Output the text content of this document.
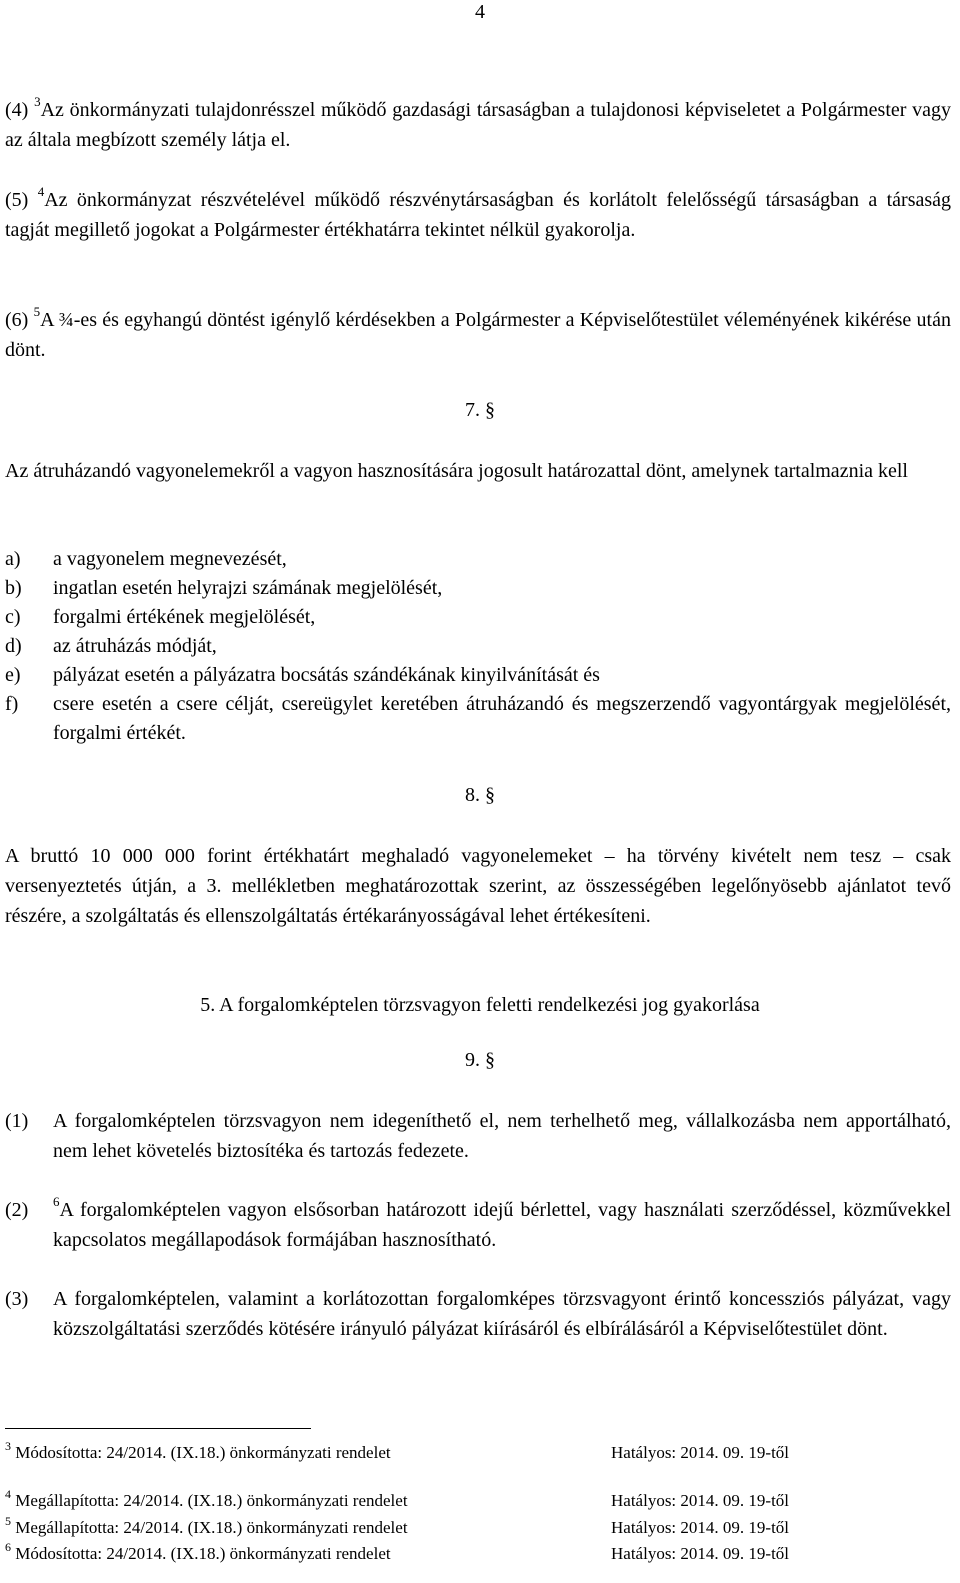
4
(4) $^3$Az önkormányzati tulajdonrésszel működő gazdasági társaságban a tulajdonosi képviseletet a Polgármester vagy az általa megbízott személy látja el.
(5) $^4$Az önkormányzat részvételével működő részvénytársaságban és korlátolt felelősségű társaságban a társaság tagját megillető jogokat a Polgármester értékhatárra tekintet nélkül gyakorolja.
(6) $^5$A ¾-es és egyhangú döntést igénylő kérdésekben a Polgármester a Képviselőtestület véleményének kikérése után dönt.
7. §
Az átruházandó vagyonelemekről a vagyon hasznosítására jogosult határozattal dönt, amelynek tartalmaznia kell
a)	a vagyonelem megnevezését,
b)	ingatlan esetén helyrajzi számának megjelölését,
c)	forgalmi értékének megjelölését,
d)	az átruházás módját,
e)	pályázat esetén a pályázatra bocsátás szándékának kinyilvánítását és
f)	csere esetén a csere célját, csereügylet keretében átruházandó és megszerzendő vagyontárgyak megjelölését, forgalmi értékét.
8. §
A bruttó 10 000 000 forint értékhatárt meghaladó vagyonelemeket – ha törvény kivételt nem tesz – csak versenyeztetés útján, a 3. mellékletben meghatározottak szerint, az összességében legelőnyösebb ajánlatot tevő részére, a szolgáltatás és ellenszolgáltatás értékarányosságával lehet értékesíteni.
5. A forgalomképtelen törzsvagyon feletti rendelkezési jog gyakorlása
9. §
(1)	A forgalomképtelen törzsvagyon nem idegeníthető el, nem terhelhető meg, vállalkozásba nem apportálható, nem lehet követelés biztosítéka és tartozás fedezete.
(2)	$^6$A forgalomképtelen vagyon elsősorban határozott idejű bérlettel, vagy használati szerződéssel, közművekkel kapcsolatos megállapodások formájában hasznosítható.
(3)	A forgalomképtelen, valamint a korlátozottan forgalomképes törzsvagyont érintő koncessziós pályázat, vagy közszolgáltatási szerződés kötésére irányuló pályázat kiírásáról és elbírálásáról a Képviselőtestület dönt.
$^3$ Módosította: 24/2014. (IX.18.) önkormányzati rendelet	Hatályos: 2014. 09. 19-től
$^4$ Megállapította: 24/2014. (IX.18.) önkormányzati rendelet	Hatályos: 2014. 09. 19-től
$^5$ Megállapította: 24/2014. (IX.18.) önkormányzati rendelet	Hatályos: 2014. 09. 19-től
$^6$ Módosította: 24/2014. (IX.18.) önkormányzati rendelet	Hatályos: 2014. 09. 19-től
